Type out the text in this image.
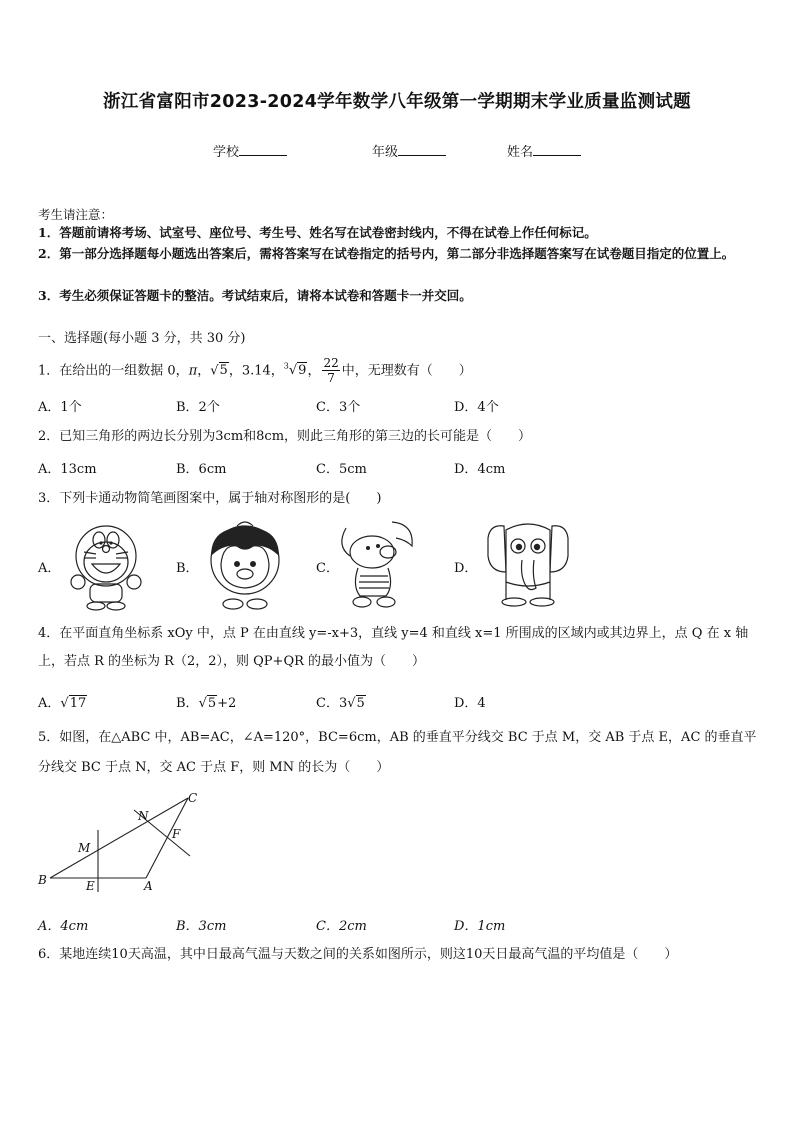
浙江省富阳市2023-2024学年数学八年级第一学期期末学业质量监测试题
学校	年级	姓名
考生请注意：
1．答题前请将考场、试室号、座位号、考生号、姓名写在试卷密封线内，不得在试卷上作任何标记。
2．第一部分选择题每小题选出答案后，需将答案写在试卷指定的括号内，第二部分非选择题答案写在试卷题目指定的位置上。
3．考生必须保证答题卡的整洁。考试结束后，请将本试卷和答题卡一并交回。
一、选择题(每小题 3 分，共 30 分)
1．在给出的一组数据 0，π，√5，3.14，$^3$√9， $\frac{22}{7}$ 中，无理数有（　　）
A．1个	B．2个	C．3个	D．4个
2．已知三角形的两边长分别为3cm和8cm，则此三角形的第三边的长可能是（　　）
A．13cm	B．6cm	C．5cm	D．4cm
3．下列卡通动物简笔画图案中，属于轴对称图形的是(　　)
A．	B．	C．	D．
4．在平面直角坐标系 xOy 中，点 P 在由直线 y=-x+3，直线 y=4 和直线 x=1 所围成的区域内或其边界上，点 Q 在 x 轴
上，若点 R 的坐标为 R（2，2），则 QP+QR 的最小值为（　　）
A．√17	B．√5+2	C．3√5	D．4
5．如图，在△ABC 中，AB=AC，∠A=120°，BC=6cm，AB 的垂直平分线交 BC 于点 M，交 AB 于点 E，AC 的垂直平
分线交 BC 于点 N，交 AC 于点 F，则 MN 的长为（　　）
B	E	A
M
N
F
C
A．4cm	B．3cm	C．2cm	D．1cm
6．某地连续10天高温，其中日最高气温与天数之间的关系如图所示，则这10天日最高气温的平均值是（　　）
